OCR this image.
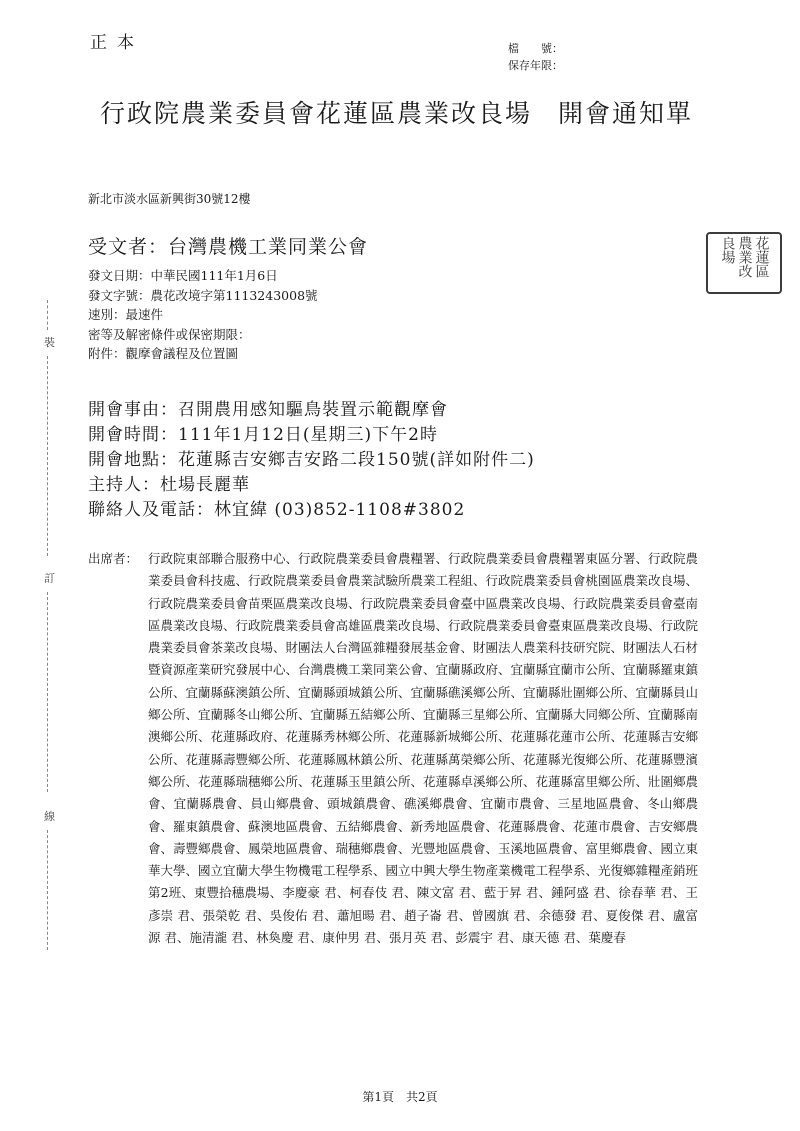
正本	檔　　號：
保存年限：
行政院農業委員會花蓮區農業改良場 開會通知單
新北市淡水區新興街30號12樓
受文者：台灣農機工業同業公會	花蓮區農業改良場
發文日期：中華民國111年1月6日
發文字號：農花改境字第1113243008號
速別：最速件
密等及解密條件或保密期限：
附件：觀摩會議程及位置圖
開會事由：召開農用感知驅鳥裝置示範觀摩會
開會時間：111年1月12日(星期三)下午2時
開會地點：花蓮縣吉安鄉吉安路二段150號(詳如附件二)
主持人：杜場長麗華
聯絡人及電話：林宜緯 (03)852-1108#3802
出席者： 行政院東部聯合服務中心、行政院農業委員會農糧署、行政院農業委員會農糧署東區分署、行政院農業委員會科技處、行政院農業委員會農業試驗所農業工程組、行政院農業委員會桃園區農業改良場、行政院農業委員會苗栗區農業改良場、行政院農業委員會臺中區農業改良場、行政院農業委員會臺南區農業改良場、行政院農業委員會高雄區農業改良場、行政院農業委員會臺東區農業改良場、行政院農業委員會茶業改良場、財團法人台灣區雜糧發展基金會、財團法人農業科技研究院、財團法人石材暨資源產業研究發展中心、台灣農機工業同業公會、宜蘭縣政府、宜蘭縣宜蘭市公所、宜蘭縣羅東鎮公所、宜蘭縣蘇澳鎮公所、宜蘭縣頭城鎮公所、宜蘭縣礁溪鄉公所、宜蘭縣壯圍鄉公所、宜蘭縣員山鄉公所、宜蘭縣冬山鄉公所、宜蘭縣五結鄉公所、宜蘭縣三星鄉公所、宜蘭縣大同鄉公所、宜蘭縣南澳鄉公所、花蓮縣政府、花蓮縣秀林鄉公所、花蓮縣新城鄉公所、花蓮縣花蓮市公所、花蓮縣吉安鄉公所、花蓮縣壽豐鄉公所、花蓮縣鳳林鎮公所、花蓮縣萬榮鄉公所、花蓮縣光復鄉公所、花蓮縣豐濱鄉公所、花蓮縣瑞穗鄉公所、花蓮縣玉里鎮公所、花蓮縣卓溪鄉公所、花蓮縣富里鄉公所、壯圍鄉農會、宜蘭縣農會、員山鄉農會、頭城鎮農會、礁溪鄉農會、宜蘭市農會、三星地區農會、冬山鄉農會、羅東鎮農會、蘇澳地區農會、五結鄉農會、新秀地區農會、花蓮縣農會、花蓮市農會、吉安鄉農會、壽豐鄉農會、鳳榮地區農會、瑞穗鄉農會、光豐地區農會、玉溪地區農會、富里鄉農會、國立東華大學、國立宜蘭大學生物機電工程學系、國立中興大學生物產業機電工程學系、光復鄉雜糧產銷班第2班、東豐拾穗農場、李慶豪 君、柯春伎 君、陳文富 君、藍于昇 君、鍾阿盛 君、徐春華 君、王彥崇 君、張榮乾 君、吳俊佑 君、蕭旭暘 君、趙子崙 君、曾國旗 君、余德發 君、夏俊傑 君、盧富源 君、施清瀧 君、林奐慶 君、康仲男 君、張月英 君、彭震宇 君、康天德 君、葉慶春
裝
訂
線
第1頁 共2頁
